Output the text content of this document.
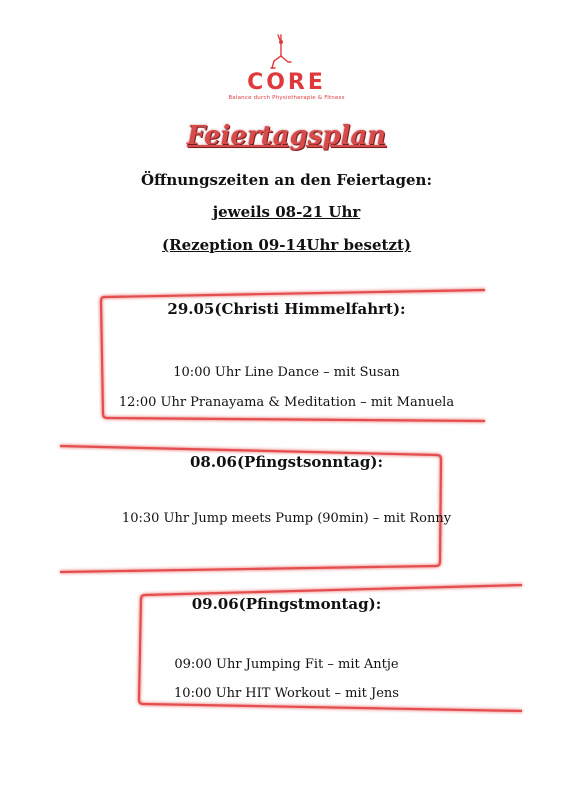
CORE
Balance durch Physiotherapie & Fitness
Feiertagsplan
Öffnungszeiten an den Feiertagen:
jeweils 08-21 Uhr
(Rezeption 09-14Uhr besetzt)
29.05(Christi Himmelfahrt):
10:00 Uhr Line Dance – mit Susan
12:00 Uhr Pranayama & Meditation – mit Manuela
08.06(Pfingstsonntag):
10:30 Uhr Jump meets Pump (90min) – mit Ronny
09.06(Pfingstmontag):
09:00 Uhr Jumping Fit – mit Antje
10:00 Uhr HIT Workout – mit Jens
